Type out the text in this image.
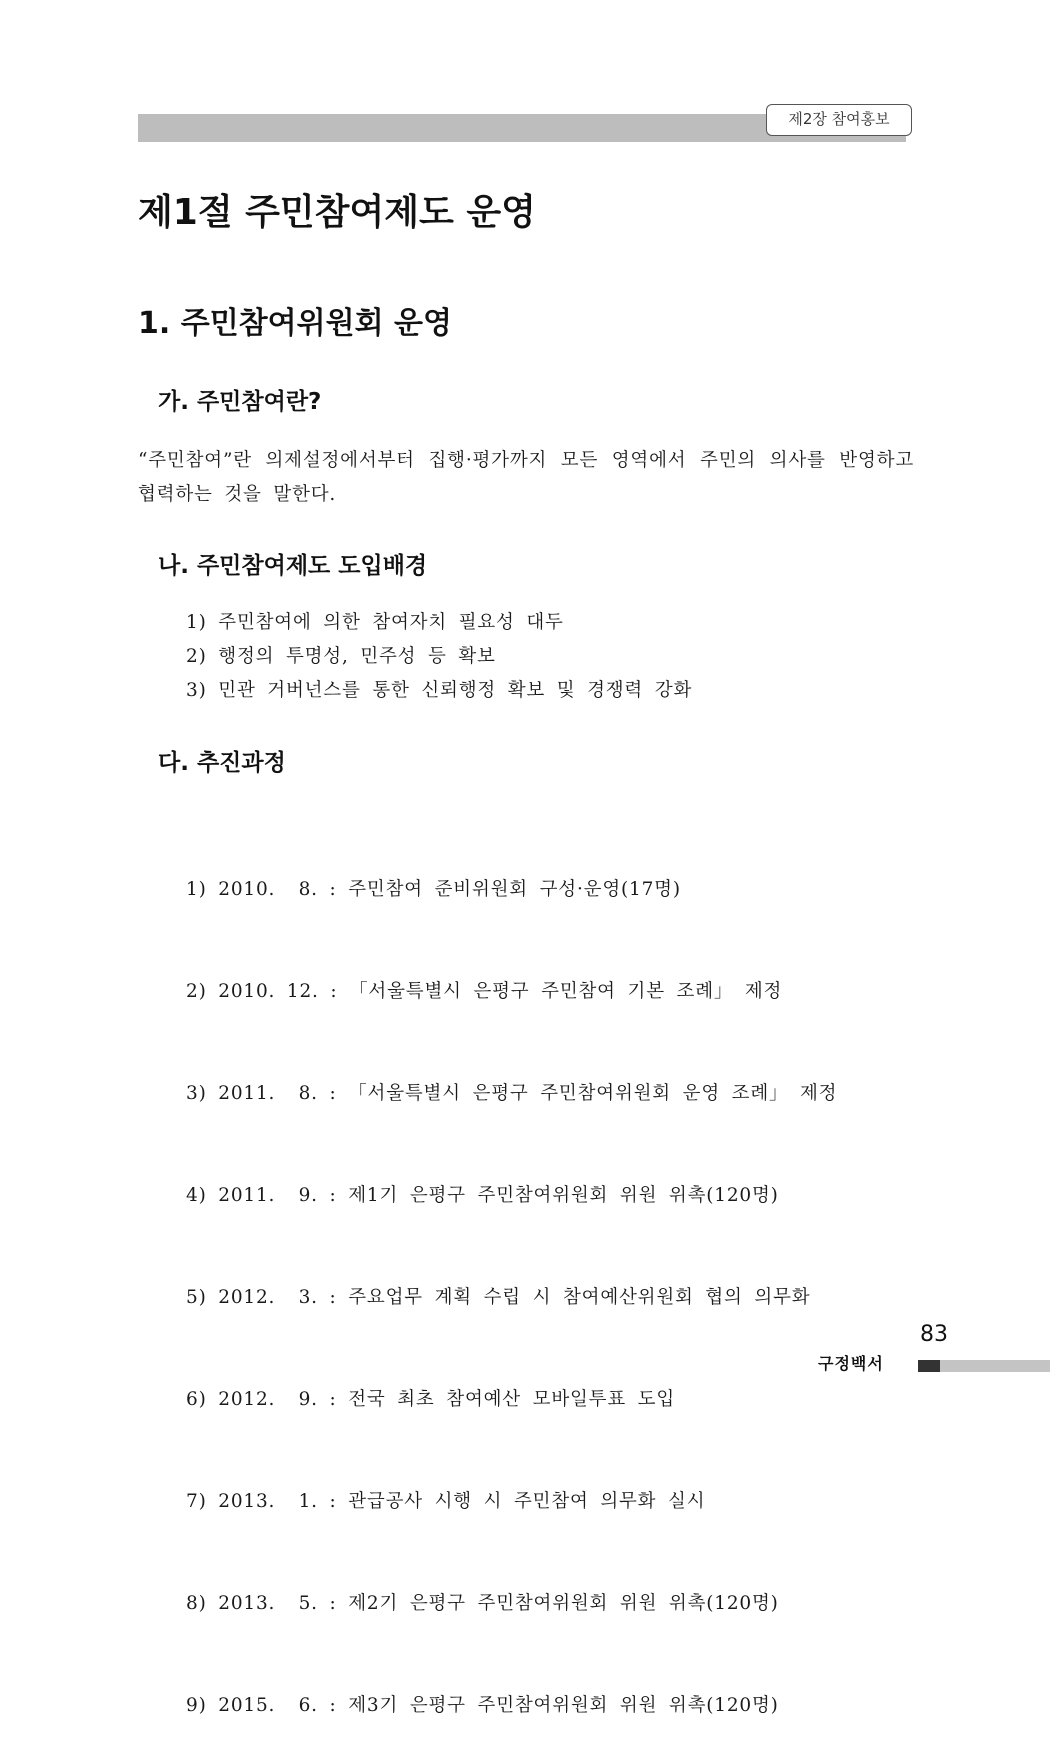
제2장 참여홍보
제1절 주민참여제도 운영
1. 주민참여위원회 운영
가. 주민참여란?

“주민참여”란 의제설정에서부터 집행·평가까지 모든 영역에서 주민의 의사를 반영하고 협력하는 것을 말한다.

나. 주민참여제도 도입배경
1) 주민참여에 의한 참여자치 필요성 대두
2) 행정의 투명성, 민주성 등 확보
3) 민관 거버넌스를 통한 신뢰행정 확보 및 경쟁력 강화
다. 추진과정

1) 2010.  8. : 주민참여 준비위원회 구성·운영(17명)

2) 2010. 12. : 「서울특별시 은평구 주민참여 기본 조례」 제정

3) 2011.  8. : 「서울특별시 은평구 주민참여위원회 운영 조례」 제정

4) 2011.  9. : 제1기 은평구 주민참여위원회 위원 위촉(120명)

5) 2012.  3. : 주요업무 계획 수립 시 참여예산위원회 협의 의무화

6) 2012.  9. : 전국 최초 참여예산 모바일투표 도입

7) 2013.  1. : 관급공사 시행 시 주민참여 의무화 실시

8) 2013.  5. : 제2기 은평구 주민참여위원회 위원 위촉(120명)

9) 2015.  6. : 제3기 은평구 주민참여위원회 위원 위촉(120명)

83
구정백서
